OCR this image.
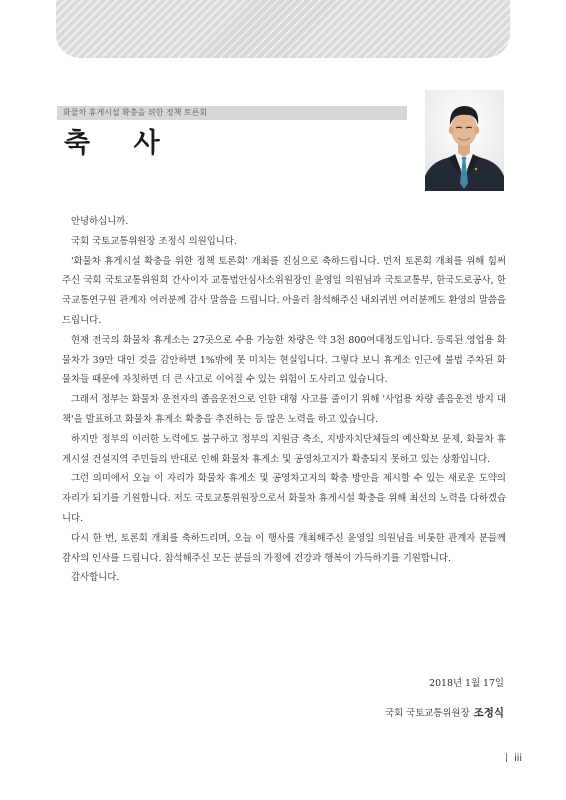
화물차 휴게시설 확충을 위한 정책 토론회
축 사

안녕하십니까.

국회 국토교통위원장 조정식 의원입니다.

'화물차 휴게시설 확충을 위한 정책 토론회' 개최를 진심으로 축하드립니다. 먼저 토론회 개최를 위해 힘써주신 국회 국토교통위원회 간사이자 교통법안심사소위원장인 윤영일 의원님과 국토교통부, 한국도로공사, 한국교통연구원 관계자 여러분께 감사 말씀을 드립니다. 아울러 참석해주신 내외귀빈 여러분께도 환영의 말씀을 드립니다.

현재 전국의 화물차 휴게소는 27곳으로 수용 가능한 차량은 약 3천 800여대정도입니다. 등록된 영업용 화물차가 39만 대인 것을 감안하면 1%밖에 못 미치는 현실입니다. 그렇다 보니 휴게소 인근에 불법 주차된 화물차들 때문에 자칫하면 더 큰 사고로 이어질 수 있는 위험이 도사리고 있습니다.

그래서 정부는 화물차 운전자의 졸음운전으로 인한 대형 사고를 줄이기 위해 '사업용 차량 졸음운전 방지 대책'을 발표하고 화물차 휴게소 확충을 추진하는 등 많은 노력을 하고 있습니다.

하지만 정부의 이러한 노력에도 불구하고 정부의 지원금 축소, 지방자치단체들의 예산확보 문제, 화물차 휴게시설 건설지역 주민들의 반대로 인해 화물차 휴게소 및 공영차고지가 확충되지 못하고 있는 상황입니다.

그런 의미에서 오늘 이 자리가 화물차 휴게소 및 공영차고지의 확충 방안을 제시할 수 있는 새로운 도약의 자리가 되기를 기원합니다. 저도 국토교통위원장으로서 화물차 휴게시설 확충을 위해 최선의 노력을 다하겠습니다.

다시 한 번, 토론회 개최를 축하드리며, 오늘 이 행사를 개최해주신 윤영일 의원님을 비롯한 관계자 분들께 감사의 인사를 드립니다. 참석해주신 모든 분들의 가정에 건강과 행복이 가득하기를 기원합니다.

감사합니다.

2018년 1월 17일
국회 국토교통위원장 조정식
iii
